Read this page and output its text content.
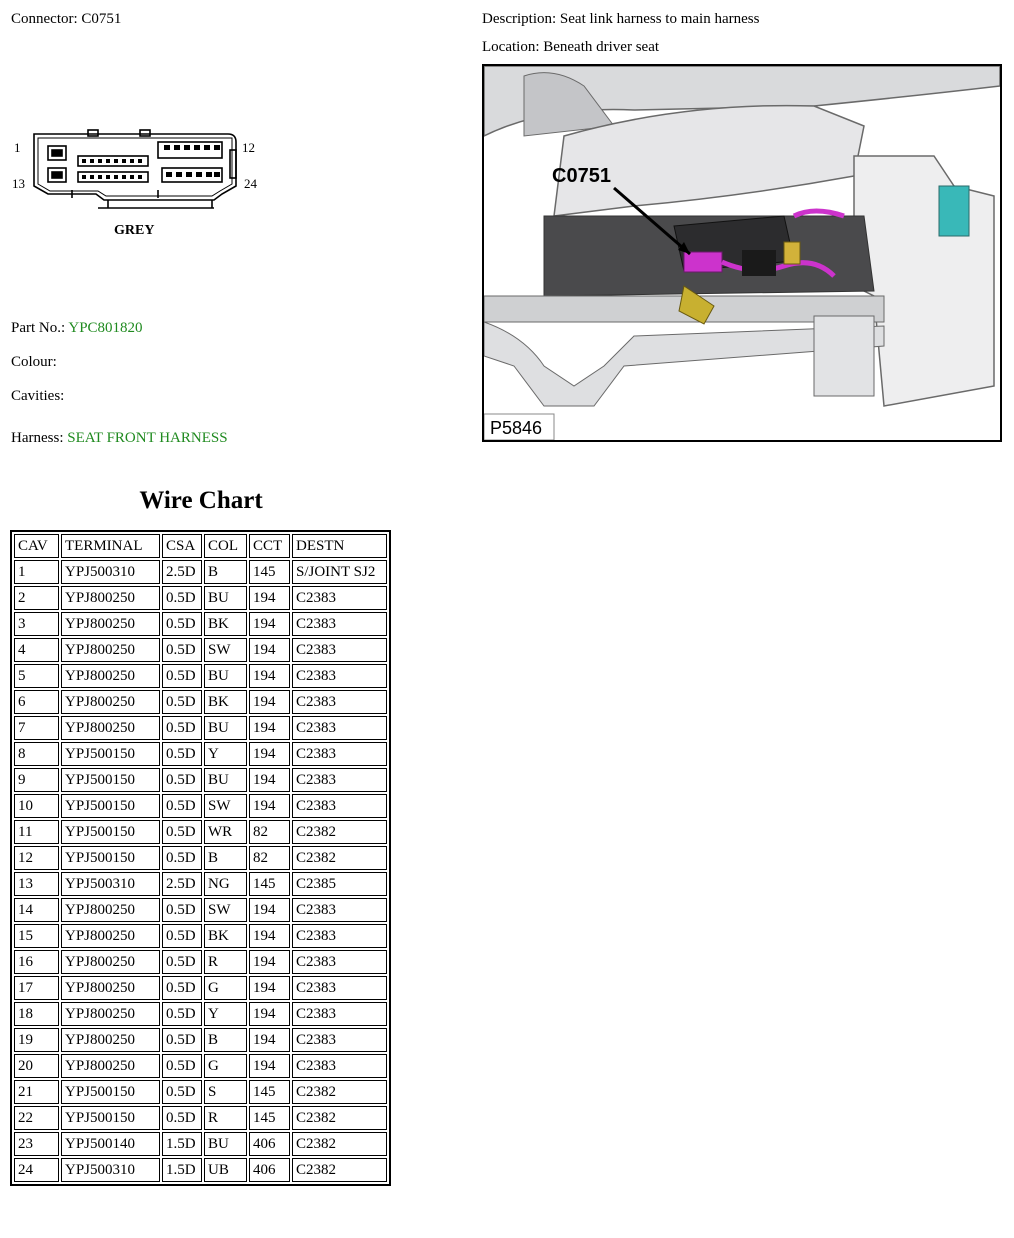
Connector: C0751	Description: Seat link harness to main harness
Location: Beneath driver seat
1	12
13	24
GREY
Part No.: YPC801820
Colour:
Cavities:
Harness: SEAT FRONT HARNESS
C0751
P5846
Wire Chart
CAV	TERMINAL	CSA	COL	CCT	DESTN
1	YPJ500310	2.5D	B	145	S/JOINT SJ2
2	YPJ800250	0.5D	BU	194	C2383
3	YPJ800250	0.5D	BK	194	C2383
4	YPJ800250	0.5D	SW	194	C2383
5	YPJ800250	0.5D	BU	194	C2383
6	YPJ800250	0.5D	BK	194	C2383
7	YPJ800250	0.5D	BU	194	C2383
8	YPJ500150	0.5D	Y	194	C2383
9	YPJ500150	0.5D	BU	194	C2383
10	YPJ500150	0.5D	SW	194	C2383
11	YPJ500150	0.5D	WR	82	C2382
12	YPJ500150	0.5D	B	82	C2382
13	YPJ500310	2.5D	NG	145	C2385
14	YPJ800250	0.5D	SW	194	C2383
15	YPJ800250	0.5D	BK	194	C2383
16	YPJ800250	0.5D	R	194	C2383
17	YPJ800250	0.5D	G	194	C2383
18	YPJ800250	0.5D	Y	194	C2383
19	YPJ800250	0.5D	B	194	C2383
20	YPJ800250	0.5D	G	194	C2383
21	YPJ500150	0.5D	S	145	C2382
22	YPJ500150	0.5D	R	145	C2382
23	YPJ500140	1.5D	BU	406	C2382
24	YPJ500310	1.5D	UB	406	C2382
